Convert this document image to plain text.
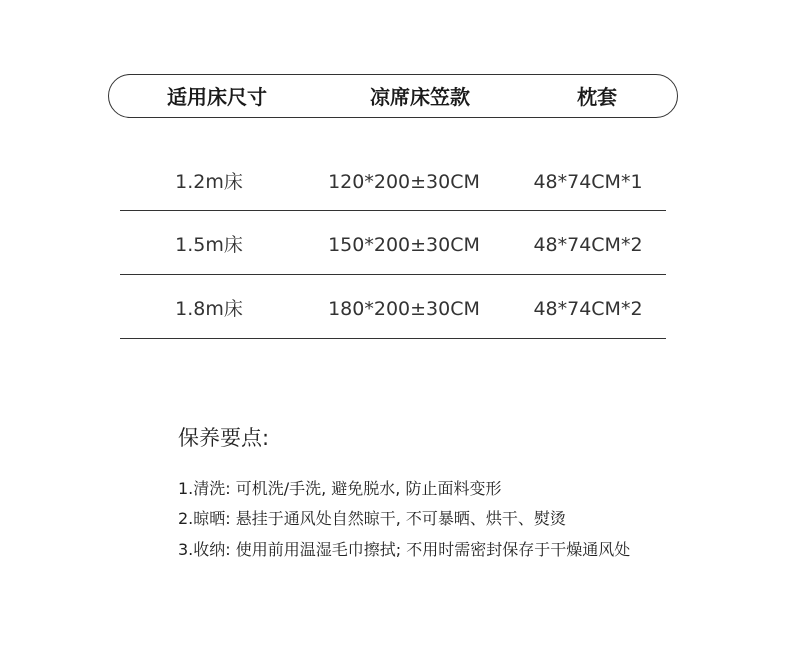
适用床尺寸	凉席床笠款	枕套
1.2m床	120*200±30CM	48*74CM*1
1.5m床	150*200±30CM	48*74CM*2
1.8m床	180*200±30CM	48*74CM*2
保养要点:
1.清洗: 可机洗/手洗, 避免脱水, 防止面料变形
2.晾晒: 悬挂于通风处自然晾干, 不可暴晒、烘干、熨烫
3.收纳: 使用前用温湿毛巾擦拭; 不用时需密封保存于干燥通风处
